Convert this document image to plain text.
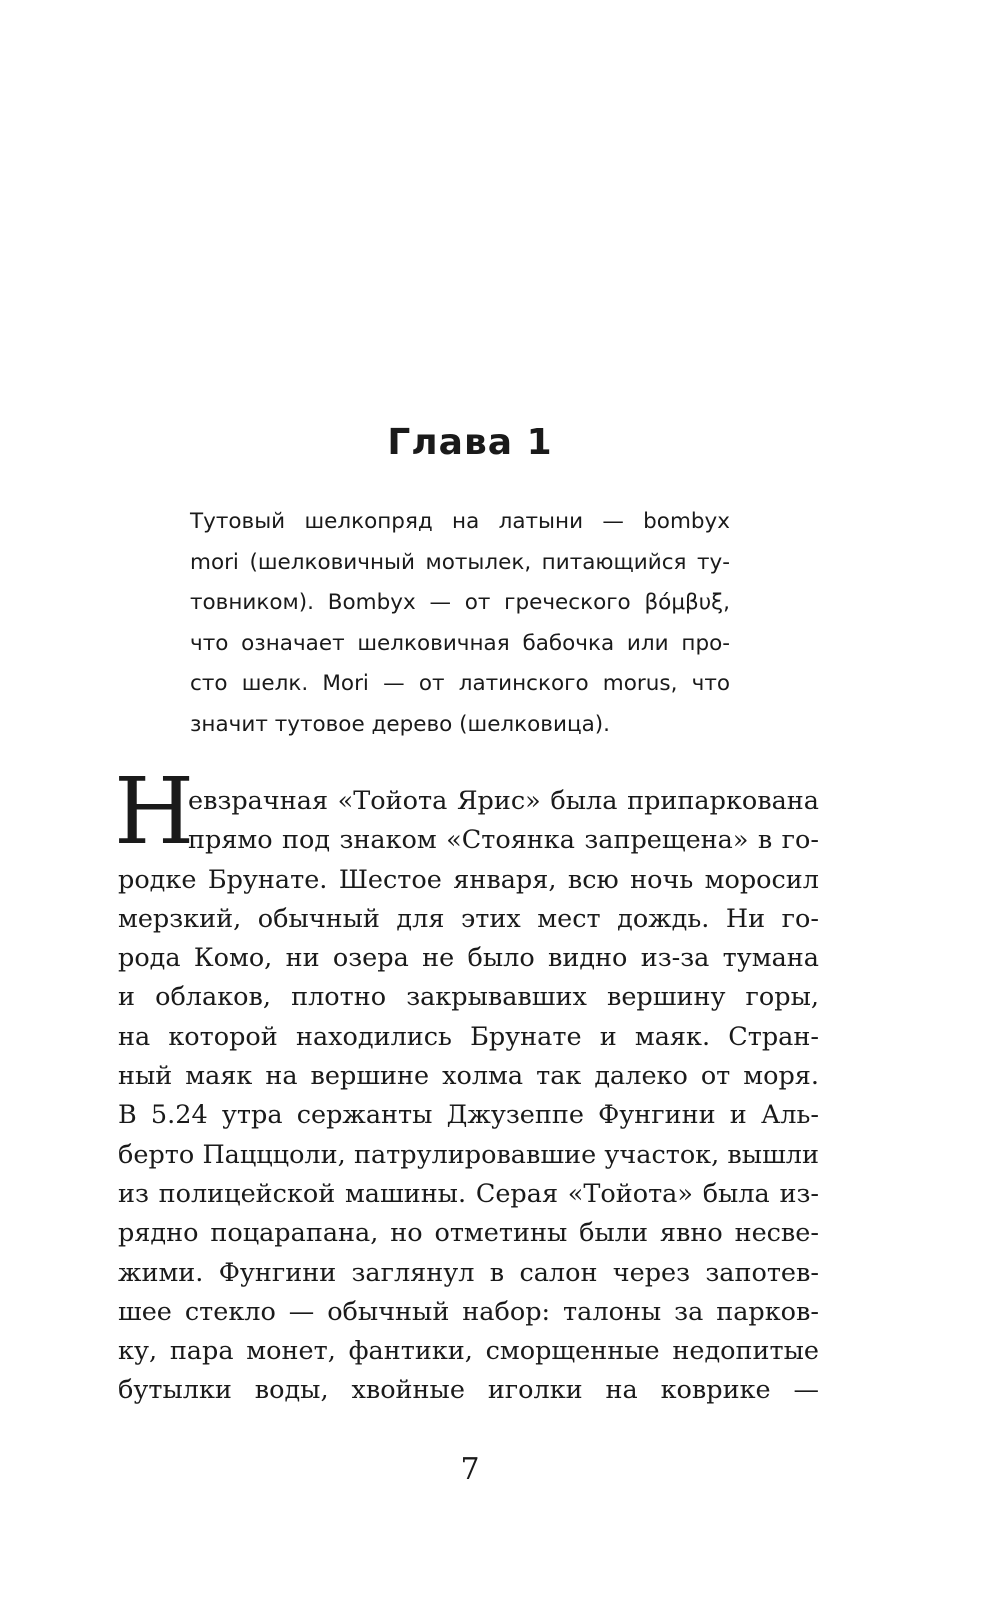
Глава 1
Тутовый шелкопряд на латыни — bombyx
mori (шелковичный мотылек, питающийся ту-
товником). Bombyx — от греческого βόμβυξ,
что означает шелковичная бабочка или про-
сто шелк. Mori — от латинского morus, что
значит тутовое дерево (шелковица).
Н
евзрачная «Тойота Ярис» была припаркована
прямо под знаком «Стоянка запрещена» в го-
родке Брунате. Шестое января, всю ночь моросил
мерзкий, обычный для этих мест дождь. Ни го-
рода Комо, ни озера не было видно из-за тумана
и облаков, плотно закрывавших вершину горы,
на которой находились Брунате и маяк. Стран-
ный маяк на вершине холма так далеко от моря.
В 5.24 утра сержанты Джузеппе Фунгини и Аль-
берто Пацццоли, патрулировавшие участок, вышли
из полицейской машины. Серая «Тойота» была из-
рядно поцарапана, но отметины были явно несве-
жими. Фунгини заглянул в салон через запотев-
шее стекло — обычный набор: талоны за парков-
ку, пара монет, фантики, сморщенные недопитые
бутылки воды, хвойные иголки на коврике —
7
